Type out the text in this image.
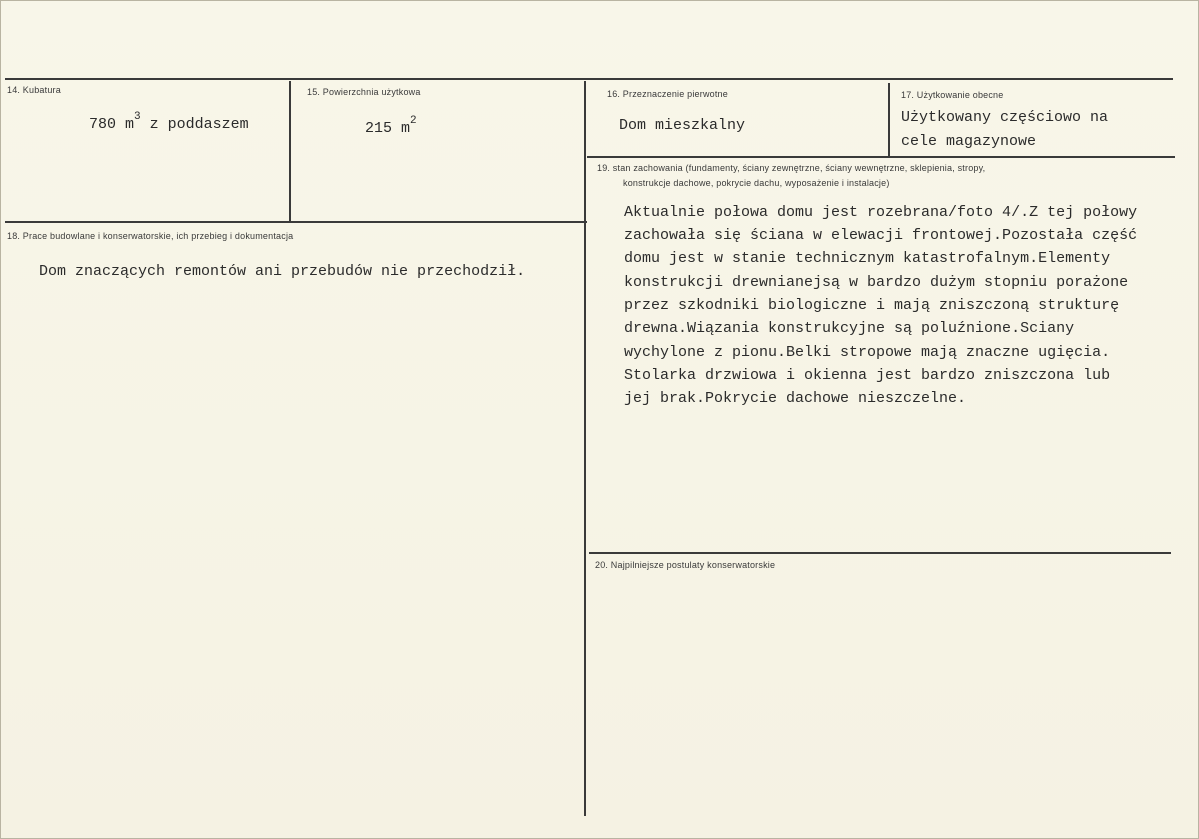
14. Kubatura
780 $m^3$ z poddaszem
15. Powierzchnia użytkowa
215 $m^2$
16. Przeznaczenie pierwotne
Dom mieszkalny
17. Użytkowanie obecne
Użytkowany częściowo na
cele magazynowe
18. Prace budowlane i konserwatorskie, ich przebieg i dokumentacja
Dom znaczących remontów ani przebudów nie przechodził.
19. stan zachowania (fundamenty, ściany zewnętrzne, ściany wewnętrzne, sklepienia, stropy,
konstrukcje dachowe, pokrycie dachu, wyposażenie i instalacje)
Aktualnie połowa domu jest rozebrana/foto 4/.Z tej połowy
zachowała się ściana w elewacji frontowej.Pozostała część
domu jest w stanie technicznym katastrofalnym.Elementy
konstrukcji drewnianejsą w bardzo dużym stopniu porażone
przez szkodniki biologiczne i mają zniszczoną strukturę
drewna.Wiązania konstrukcyjne są poluźnione.Sciany
wychylone z pionu.Belki stropowe mają znaczne ugięcia.
Stolarka drzwiowa i okienna jest bardzo zniszczona lub
jej brak.Pokrycie dachowe nieszczelne.
20. Najpilniejsze postulaty konserwatorskie
